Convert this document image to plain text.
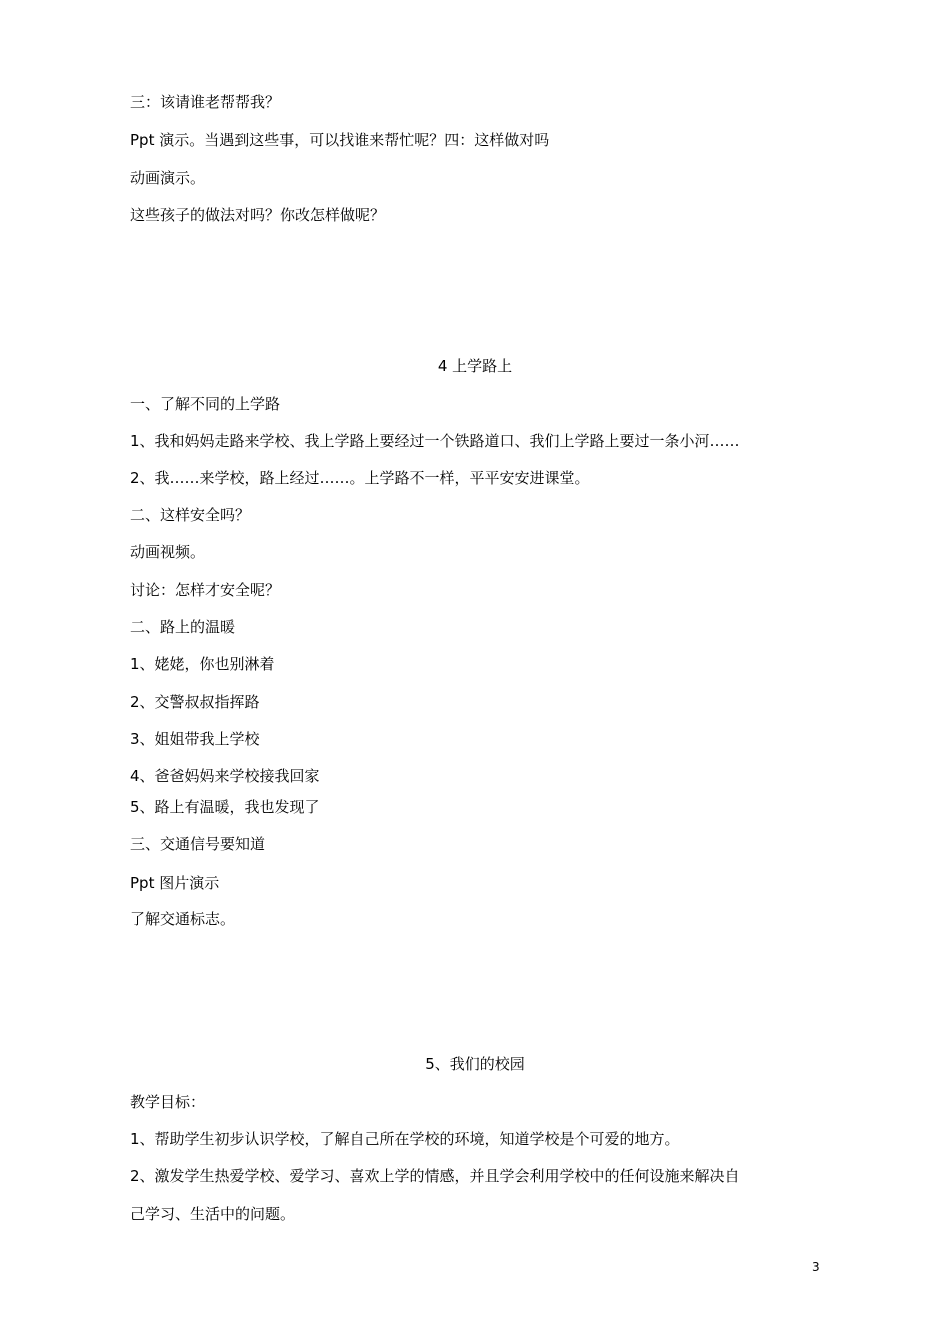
三：该请谁老帮帮我？
Ppt 演示。当遇到这些事，可以找谁来帮忙呢？四：这样做对吗
动画演示。
这些孩子的做法对吗？你改怎样做呢？
4 上学路上
一、了解不同的上学路
1、我和妈妈走路来学校、我上学路上要经过一个铁路道口、我们上学路上要过一条小河……
2、我……来学校，路上经过……。上学路不一样，平平安安进课堂。
二、这样安全吗？
动画视频。
讨论：怎样才安全呢？
二、路上的温暖
1、姥姥，你也别淋着
2、交警叔叔指挥路
3、姐姐带我上学校
4、爸爸妈妈来学校接我回家
5、路上有温暖，我也发现了
三、交通信号要知道
Ppt 图片演示
了解交通标志。
5、我们的校园
教学目标：
1、帮助学生初步认识学校，了解自己所在学校的环境，知道学校是个可爱的地方。
2、激发学生热爱学校、爱学习、喜欢上学的情感，并且学会利用学校中的任何设施来解决自
己学习、生活中的问题。
3
